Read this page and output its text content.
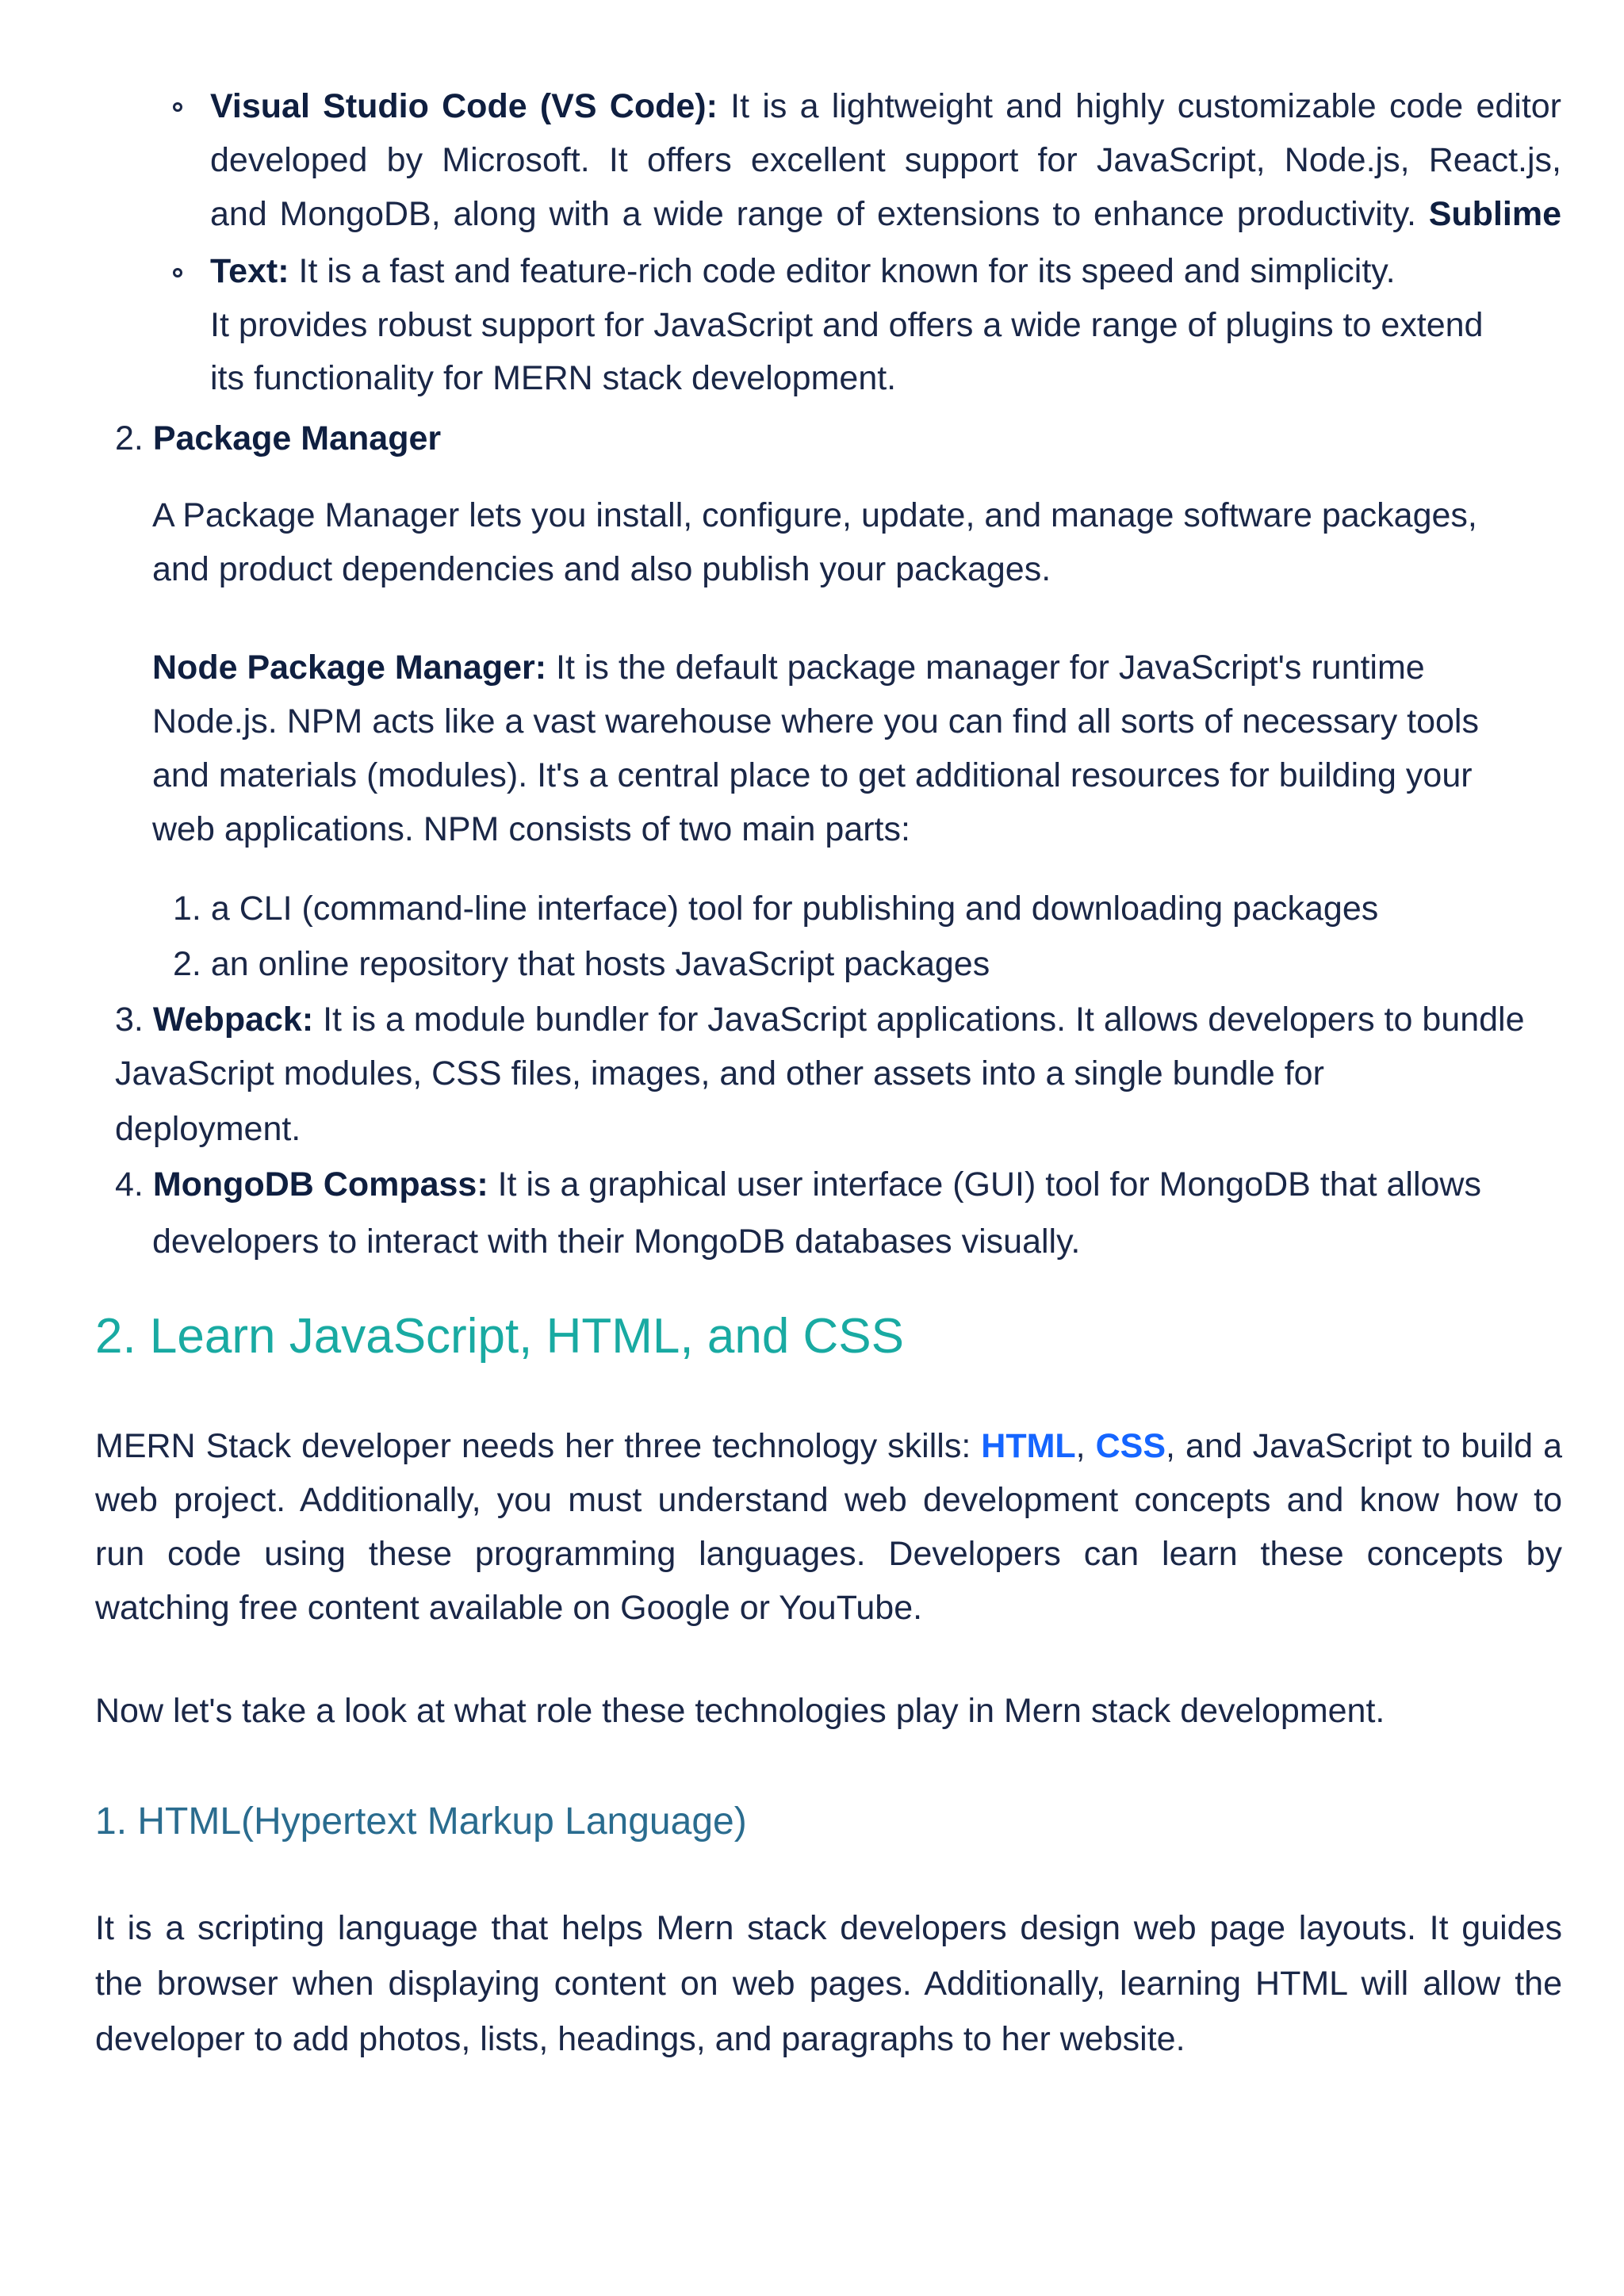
Visual Studio Code (VS Code): It is a lightweight and highly customizable code editor
developed by Microsoft. It offers excellent support for JavaScript, Node.js, React.js,
and MongoDB, along with a wide range of extensions to enhance productivity. Sublime
Text: It is a fast and feature-rich code editor known for its speed and simplicity.
It provides robust support for JavaScript and offers a wide range of plugins to extend
its functionality for MERN stack development.
2. Package Manager
A Package Manager lets you install, configure, update, and manage software packages,
and product dependencies and also publish your packages.
Node Package Manager: It is the default package manager for JavaScript's runtime
Node.js. NPM acts like a vast warehouse where you can find all sorts of necessary tools
and materials (modules). It's a central place to get additional resources for building your
web applications. NPM consists of two main parts:
1. a CLI (command-line interface) tool for publishing and downloading packages
2. an online repository that hosts JavaScript packages
3. Webpack: It is a module bundler for JavaScript applications. It allows developers to bundle
JavaScript modules, CSS files, images, and other assets into a single bundle for
deployment.
4. MongoDB Compass: It is a graphical user interface (GUI) tool for MongoDB that allows
developers to interact with their MongoDB databases visually.
2. Learn JavaScript, HTML, and CSS
MERN Stack developer needs her three technology skills: HTML, CSS, and JavaScript to build a
web project. Additionally, you must understand web development concepts and know how to
run code using these programming languages. Developers can learn these concepts by
watching free content available on Google or YouTube.
Now let's take a look at what role these technologies play in Mern stack development.
1. HTML(Hypertext Markup Language)
It is a scripting language that helps Mern stack developers design web page layouts. It guides
the browser when displaying content on web pages. Additionally, learning HTML will allow the
developer to add photos, lists, headings, and paragraphs to her website.
